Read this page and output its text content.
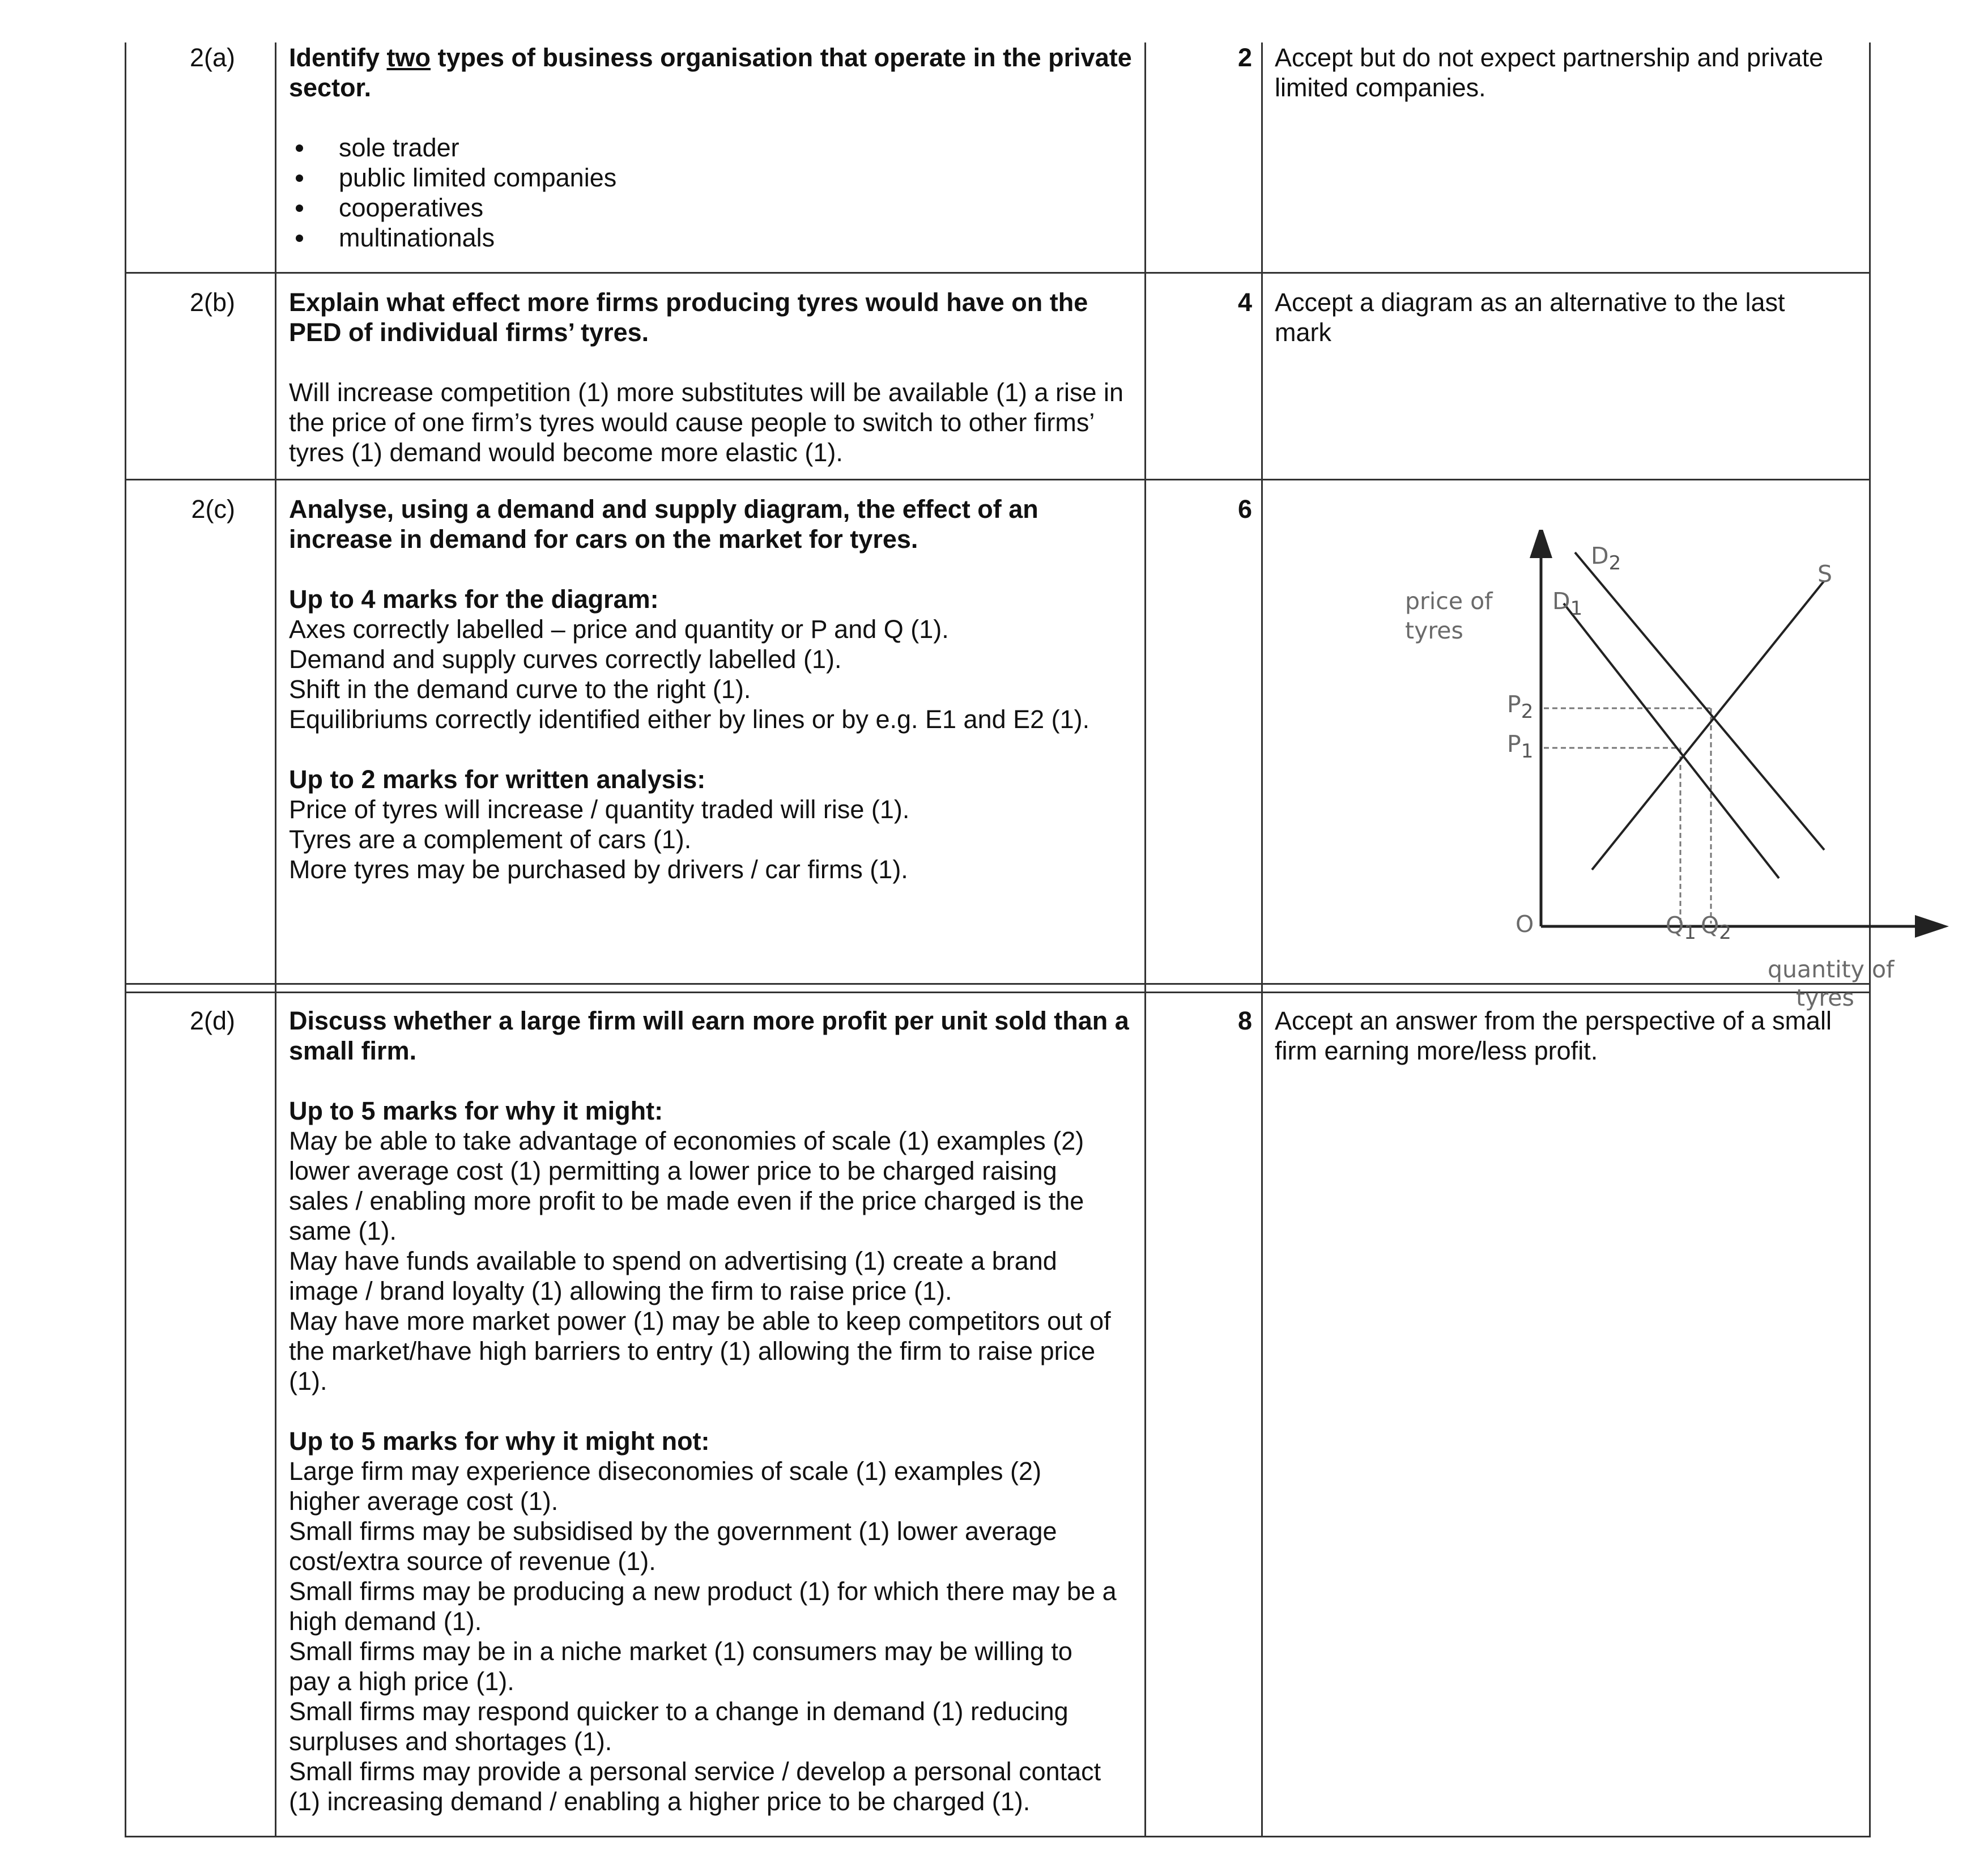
2(a) Identify two types of business organisation that operate in the private sector.
sole trader
public limited companies
cooperatives
multinationals
2 Accept but do not expect partnership and private limited companies.
2(b) Explain what effect more firms producing tyres would have on the PED of individual firms’ tyres.
Will increase competition (1) more substitutes will be available (1) a rise in the price of one firm’s tyres would cause people to switch to other firms’ tyres (1) demand would become more elastic (1).
4 Accept a diagram as an alternative to the last mark
2(c) Analyse, using a demand and supply diagram, the effect of an increase in demand for cars on the market for tyres.
Up to 4 marks for the diagram:
Axes correctly labelled – price and quantity or P and Q (1).
Demand and supply curves correctly labelled (1).
Shift in the demand curve to the right (1).
Equilibriums correctly identified either by lines or by e.g. E1 and E2 (1).
Up to 2 marks for written analysis:
Price of tyres will increase / quantity traded will rise (1).
Tyres are a complement of cars (1).
More tyres may be purchased by drivers / car firms (1).
6
2(d) Discuss whether a large firm will earn more profit per unit sold than a small firm.
Up to 5 marks for why it might:
May be able to take advantage of economies of scale (1) examples (2)
lower average cost (1) permitting a lower price to be charged raising
sales / enabling more profit to be made even if the price charged is the
same (1).
May have funds available to spend on advertising (1) create a brand
image / brand loyalty (1) allowing the firm to raise price (1).
May have more market power (1) may be able to keep competitors out of
the market/have high barriers to entry (1) allowing the firm to raise price
(1).
Up to 5 marks for why it might not:
Large firm may experience diseconomies of scale (1) examples (2)
higher average cost (1).
Small firms may be subsidised by the government (1) lower average
cost/extra source of revenue (1).
Small firms may be producing a new product (1) for which there may be a
high demand (1).
Small firms may be in a niche market (1) consumers may be willing to
pay a high price (1).
Small firms may respond quicker to a change in demand (1) reducing
surpluses and shortages (1).
Small firms may provide a personal service / develop a personal contact
(1) increasing demand / enabling a higher price to be charged (1).
8 Accept an answer from the perspective of a small firm earning more/less profit.
price of
tyres
quantity of
tyres
O
S
$D_1$
$D_2$
$P_2$
$P_1$
$Q_1$ $Q_2$
